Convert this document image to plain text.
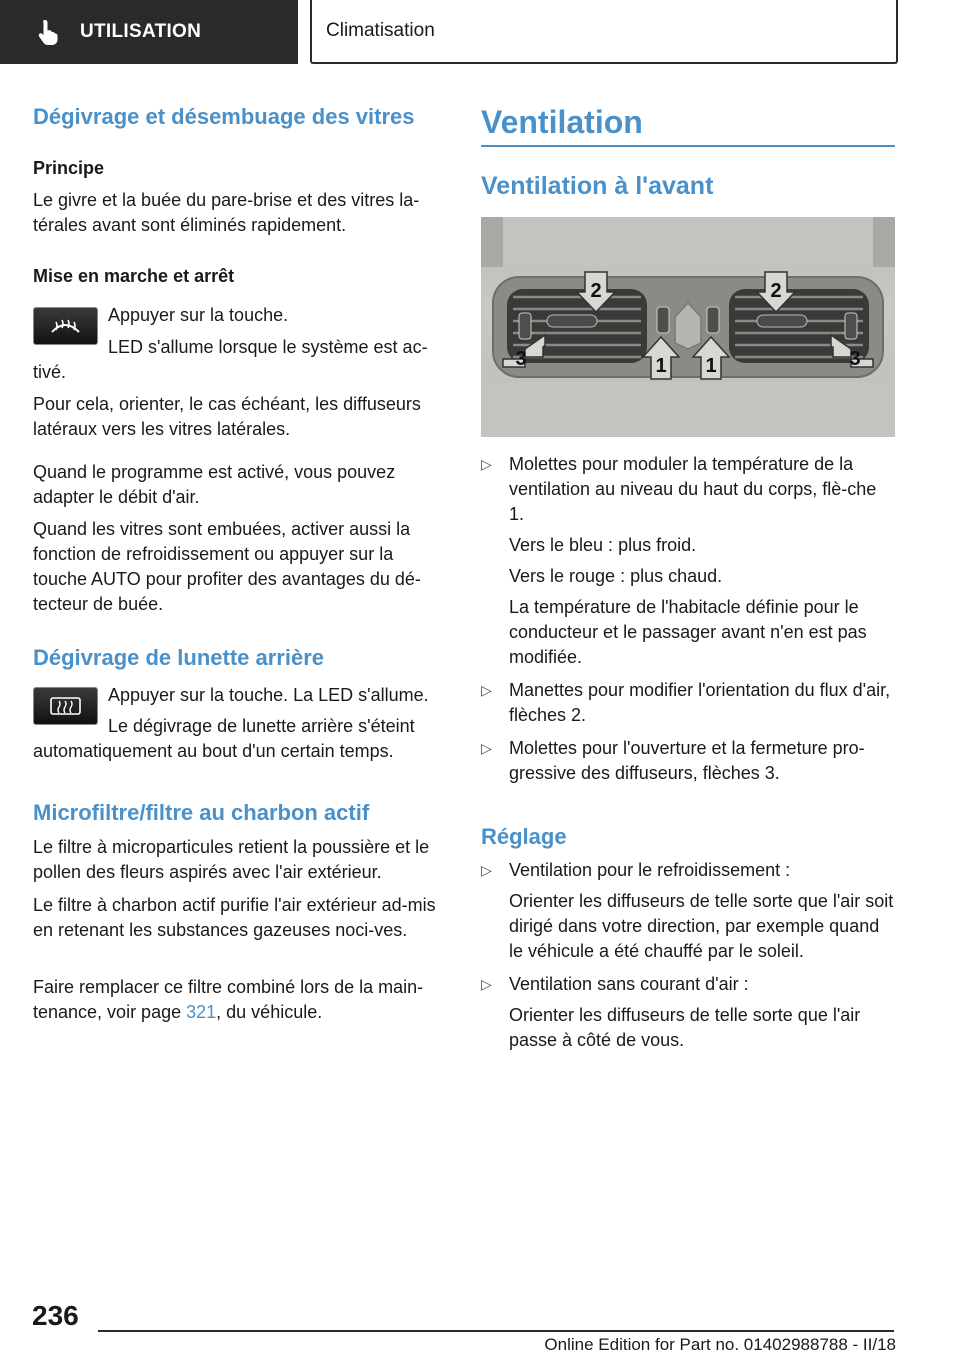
UTILISATION	Climatisation
Dégivrage et désembuage des vitres
Principe

Le givre et la buée du pare-brise et des vitres la-térales avant sont éliminés rapidement.

Mise en marche et arrêt

Appuyer sur la touche.

LED s'allume lorsque le système est ac-tivé.

Pour cela, orienter, le cas échéant, les diffuseurs latéraux vers les vitres latérales.

Quand le programme est activé, vous pouvez adapter le débit d'air.

Quand les vitres sont embuées, activer aussi la fonction de refroidissement ou appuyer sur la touche AUTO pour profiter des avantages du dé-tecteur de buée.

Dégivrage de lunette arrière

Appuyer sur la touche. La LED s'allume.

Le dégivrage de lunette arrière s'éteint automatiquement au bout d'un certain temps.

Microfiltre/filtre au charbon actif

Le filtre à microparticules retient la poussière et le pollen des fleurs aspirés avec l'air extérieur.

Le filtre à charbon actif purifie l'air extérieur ad-mis en retenant les substances gazeuses noci-ves.

Faire remplacer ce filtre combiné lors de la main-tenance, voir page 321, du véhicule.

Ventilation
Ventilation à l'avant
2	2
3	1 1	3
▷ Molettes pour moduler la température de la ventilation au niveau du haut du corps, flè-che 1.

Vers le bleu : plus froid.

Vers le rouge : plus chaud.

La température de l'habitacle définie pour le conducteur et le passager avant n'en est pas modifiée.

▷ Manettes pour modifier l'orientation du flux d'air, flèches 2.
▷ Molettes pour l'ouverture et la fermeture pro-gressive des diffuseurs, flèches 3.
Réglage
▷ Ventilation pour le refroidissement :

Orienter les diffuseurs de telle sorte que l'air soit dirigé dans votre direction, par exemple quand le véhicule a été chauffé par le soleil.

▷ Ventilation sans courant d'air :

Orienter les diffuseurs de telle sorte que l'air passe à côté de vous.

236
Online Edition for Part no. 01402988788 - II/18
